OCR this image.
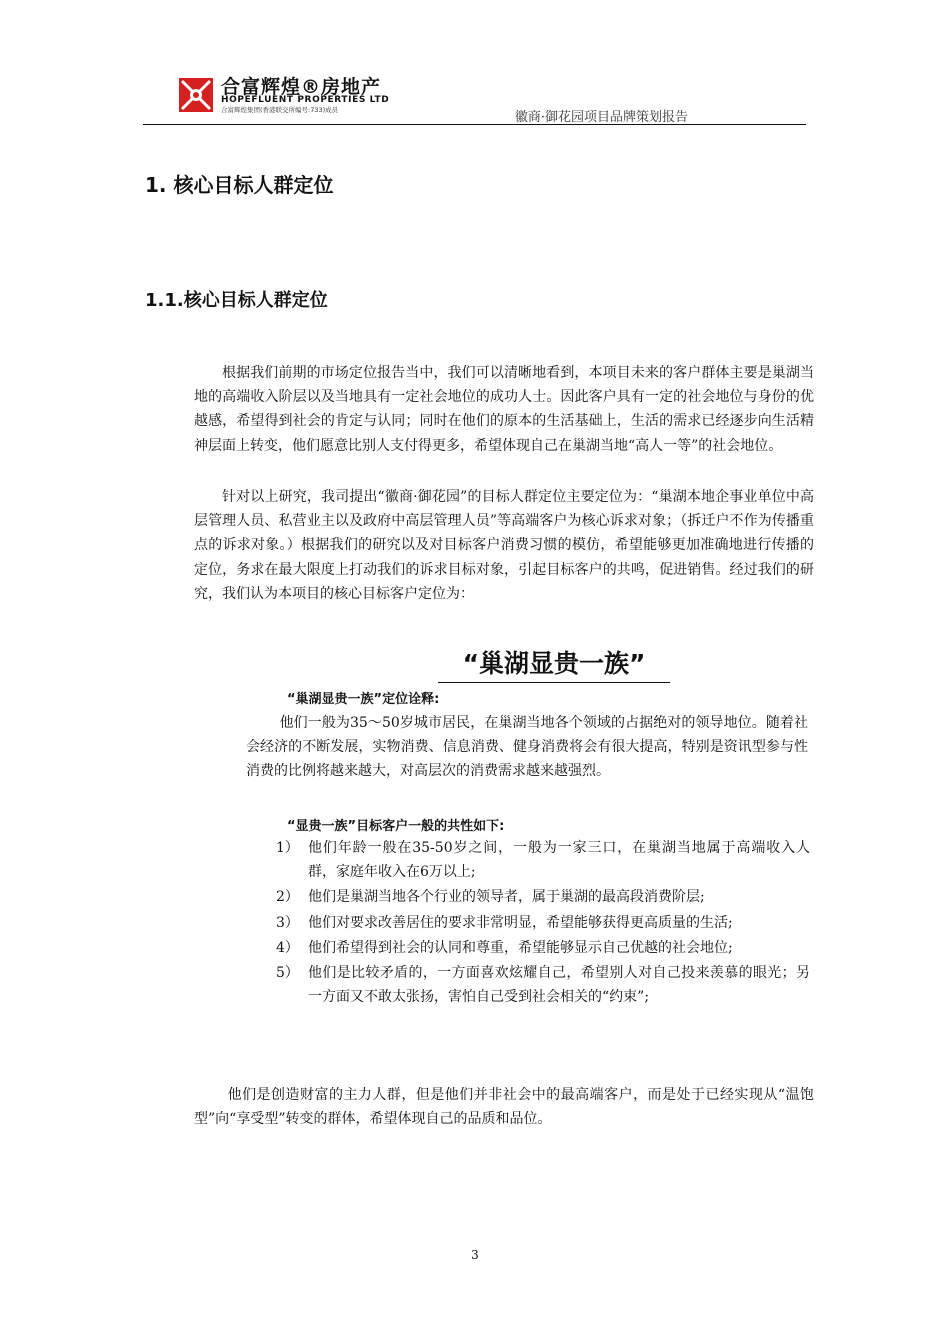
合富辉煌®房地产
HOPEFLUENT PROPERTIES LTD
合富辉煌集团(香港联交所编号:733)成员	徽商·御花园项目品牌策划报告
1. 核心目标人群定位
1.1.核心目标人群定位
根据我们前期的市场定位报告当中，我们可以清晰地看到，本项目未来的客户群体主要是巢湖当地的高端收入阶层以及当地具有一定社会地位的成功人士。因此客户具有一定的社会地位与身份的优越感，希望得到社会的肯定与认同；同时在他们的原本的生活基础上，生活的需求已经逐步向生活精神层面上转变，他们愿意比别人支付得更多，希望体现自己在巢湖当地“高人一等”的社会地位。
针对以上研究，我司提出“徽商·御花园”的目标人群定位主要定位为：“巢湖本地企事业单位中高层管理人员、私营业主以及政府中高层管理人员”等高端客户为核心诉求对象；（拆迁户不作为传播重点的诉求对象。）根据我们的研究以及对目标客户消费习惯的模仿，希望能够更加准确地进行传播的定位，务求在最大限度上打动我们的诉求目标对象，引起目标客户的共鸣，促进销售。经过我们的研究，我们认为本项目的核心目标客户定位为：
“巢湖显贵一族”
“巢湖显贵一族”定位诠释:
他们一般为35～50岁城市居民，在巢湖当地各个领域的占据绝对的领导地位。随着社会经济的不断发展，实物消费、信息消费、健身消费将会有很大提高，特别是资讯型参与性消费的比例将越来越大，对高层次的消费需求越来越强烈。
“显贵一族”目标客户一般的共性如下:
1） 他们年龄一般在35-50岁之间，一般为一家三口，在巢湖当地属于高端收入人群，家庭年收入在6万以上;
2） 他们是巢湖当地各个行业的领导者，属于巢湖的最高段消费阶层;
3） 他们对要求改善居住的要求非常明显，希望能够获得更高质量的生活;
4） 他们希望得到社会的认同和尊重，希望能够显示自己优越的社会地位;
5） 他们是比较矛盾的，一方面喜欢炫耀自己，希望别人对自己投来羡慕的眼光；另一方面又不敢太张扬，害怕自己受到社会相关的“约束”;
他们是创造财富的主力人群，但是他们并非社会中的最高端客户，而是处于已经实现从“温饱型”向“享受型”转变的群体，希望体现自己的品质和品位。
3
